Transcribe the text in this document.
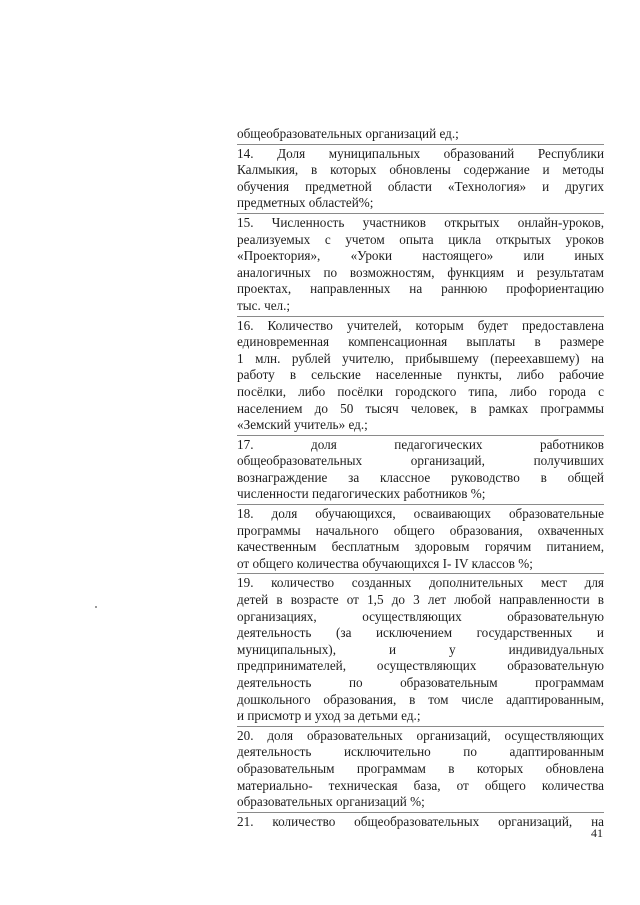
общеобразовательных организаций ед.;
14. Доля муниципальных образований Республики
Калмыкия, в которых обновлены содержание и методы
обучения предметной области «Технология» и других
предметных областей%;
15. Численность участников открытых онлайн-уроков,
реализуемых с учетом опыта цикла открытых уроков
«Проектория», «Уроки настоящего» или иных
аналогичных по возможностям, функциям и результатам
проектах, направленных на раннюю профориентацию
тыс. чел.;
16. Количество учителей, которым будет предоставлена
единовременная компенсационная выплаты в размере
1 млн. рублей учителю, прибывшему (переехавшему) на
работу в сельские населенные пункты, либо рабочие
посёлки, либо посёлки городского типа, либо города с
населением до 50 тысяч человек, в рамках программы
«Земский учитель» ед.;
17. доля педагогических работников
общеобразовательных организаций, получивших
вознаграждение за классное руководство в общей
численности педагогических работников %;
18. доля обучающихся, осваивающих образовательные
программы начального общего образования, охваченных
качественным бесплатным здоровым горячим питанием,
от общего количества обучающихся I- IV классов %;
19. количество созданных дополнительных мест для
детей в возрасте от 1,5 до 3 лет любой направленности в
организациях, осуществляющих образовательную
деятельность (за исключением государственных и
муниципальных), и у индивидуальных
предпринимателей, осуществляющих образовательную
деятельность по образовательным программам
дошкольного образования, в том числе адаптированным,
и присмотр и уход за детьми ед.;
20. доля образовательных организаций, осуществляющих
деятельность исключительно по адаптированным
образовательным программам в которых обновлена
материально- техническая база, от общего количества
образовательных организаций %;
21. количество общеобразовательных организаций, на
41
